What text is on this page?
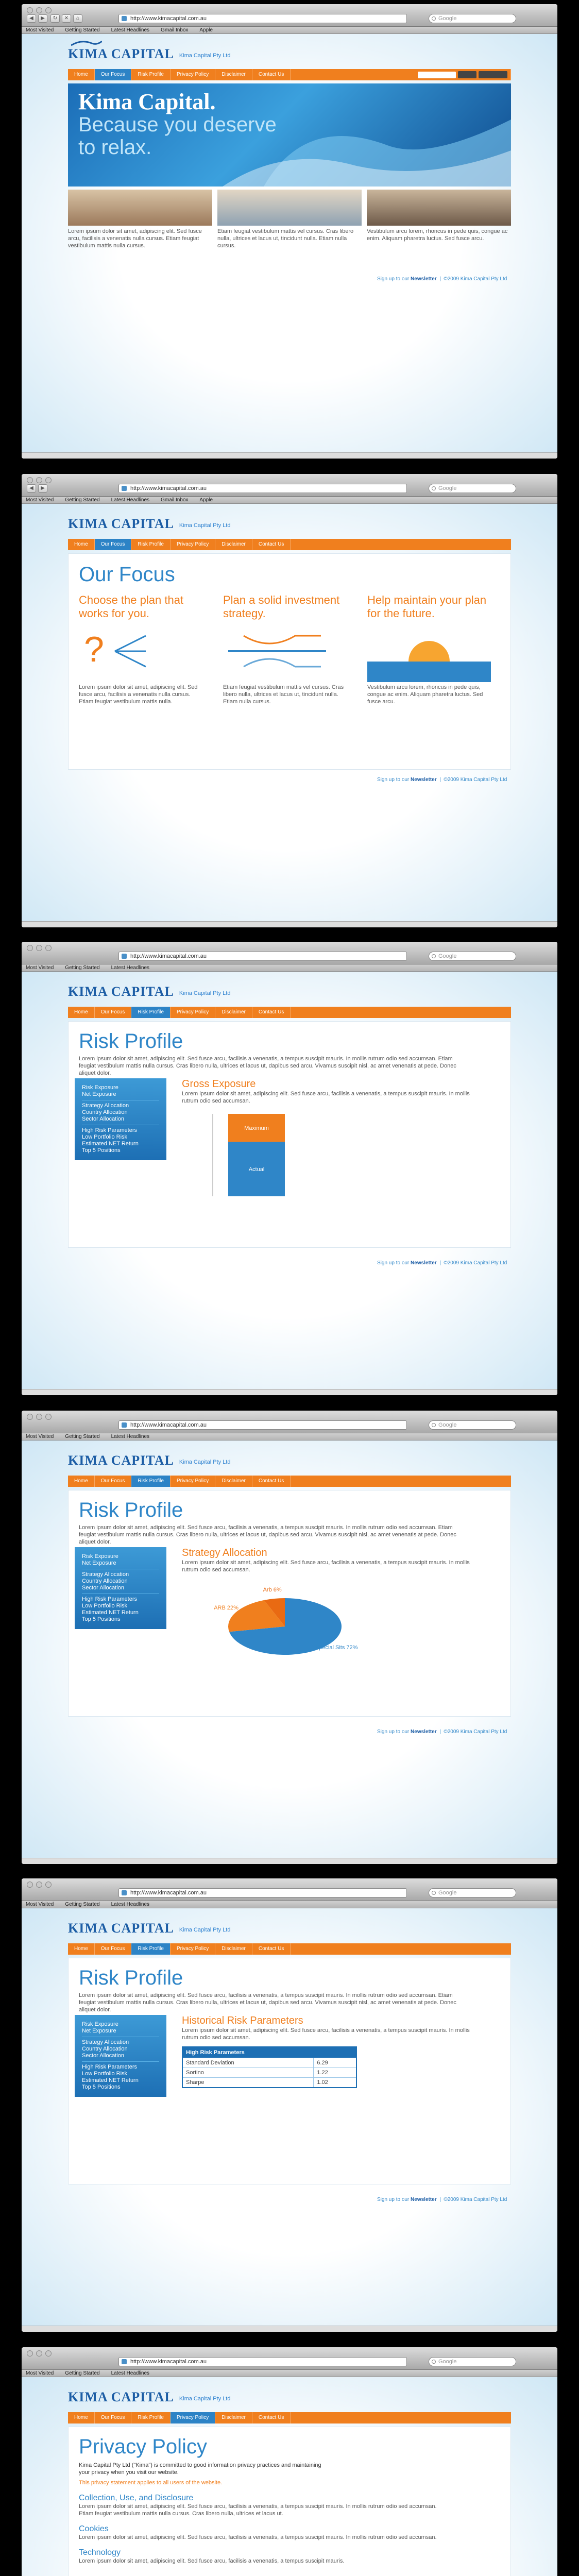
◀	▶	↻	✕	⌂	http://www.kimacapital.com.au	Google
Most Visited Getting Started Latest Headlines Gmail Inbox Apple
KIMA CAPITAL Kima Capital Pty Ltd
Home	Our Focus	Risk Profile	Privacy Policy	Disclaimer	Contact Us
Kima Capital.
Because you deserve
to relax.
Lorem ipsum dolor sit amet, adipiscing elit. Sed fusce arcu, facilisis a venenatis nulla cursus. Etiam feugiat vestibulum mattis nulla cursus.
Etiam feugiat vestibulum mattis vel cursus. Cras libero nulla, ultrices et lacus ut, tincidunt nulla. Etiam nulla cursus.
Vestibulum arcu lorem, rhoncus in pede quis, congue ac enim. Aliquam pharetra luctus. Sed fusce arcu.
Sign up to our Newsletter  |  ©2009 Kima Capital Pty Ltd
◀	▶	http://www.kimacapital.com.au	Google
Most Visited Getting Started Latest Headlines Gmail Inbox Apple
KIMA CAPITAL Kima Capital Pty Ltd
Home	Our Focus	Risk Profile	Privacy Policy	Disclaimer	Contact Us
Our Focus
Choose the plan that works for you.
?
Lorem ipsum dolor sit amet, adipiscing elit. Sed fusce arcu, facilisis a venenatis nulla cursus. Etiam feugiat vestibulum mattis nulla.
Plan a solid investment strategy.
Etiam feugiat vestibulum mattis vel cursus. Cras libero nulla, ultrices et lacus ut, tincidunt nulla. Etiam nulla cursus.
Help maintain your plan for the future.
Vestibulum arcu lorem, rhoncus in pede quis, congue ac enim. Aliquam pharetra luctus. Sed fusce arcu.
Sign up to our Newsletter  |  ©2009 Kima Capital Pty Ltd
http://www.kimacapital.com.au	Google
Most Visited Getting Started Latest Headlines
KIMA CAPITAL Kima Capital Pty Ltd
Home	Our Focus	Risk Profile	Privacy Policy	Disclaimer	Contact Us
Risk Profile
Lorem ipsum dolor sit amet, adipiscing elit. Sed fusce arcu, facilisis a venenatis, a tempus suscipit mauris. In mollis rutrum odio sed accumsan. Etiam feugiat vestibulum mattis nulla cursus. Cras libero nulla, ultrices et lacus ut, dapibus sed arcu. Vivamus suscipit nisl, ac amet venenatis at pede. Donec aliquet dolor.
Risk Exposure
Net Exposure
Strategy Allocation
Country Allocation
Sector Allocation
High Risk Parameters
Low Portfolio Risk
Estimated NET Return
Top 5 Positions
Gross Exposure
Lorem ipsum dolor sit amet, adipiscing elit. Sed fusce arcu, facilisis a venenatis, a tempus suscipit mauris. In mollis rutrum odio sed accumsan.
Maximum
Actual
Sign up to our Newsletter  |  ©2009 Kima Capital Pty Ltd
http://www.kimacapital.com.au	Google
Most Visited Getting Started Latest Headlines
KIMA CAPITAL Kima Capital Pty Ltd
Home	Our Focus	Risk Profile	Privacy Policy	Disclaimer	Contact Us
Risk Profile
Lorem ipsum dolor sit amet, adipiscing elit. Sed fusce arcu, facilisis a venenatis, a tempus suscipit mauris. In mollis rutrum odio sed accumsan. Etiam feugiat vestibulum mattis nulla cursus. Cras libero nulla, ultrices et lacus ut, dapibus sed arcu. Vivamus suscipit nisl, ac amet venenatis at pede. Donec aliquet dolor.
Risk Exposure
Net Exposure
Strategy Allocation
Country Allocation
Sector Allocation
High Risk Parameters
Low Portfolio Risk
Estimated NET Return
Top 5 Positions
Strategy Allocation
Lorem ipsum dolor sit amet, adipiscing elit. Sed fusce arcu, facilisis a venenatis, a tempus suscipit mauris. In mollis rutrum odio sed accumsan.
Special Sits 72%
ARB 22%
Arb 6%
Sign up to our Newsletter  |  ©2009 Kima Capital Pty Ltd
http://www.kimacapital.com.au	Google
Most Visited Getting Started Latest Headlines
KIMA CAPITAL Kima Capital Pty Ltd
Home	Our Focus	Risk Profile	Privacy Policy	Disclaimer	Contact Us
Risk Profile
Lorem ipsum dolor sit amet, adipiscing elit. Sed fusce arcu, facilisis a venenatis, a tempus suscipit mauris. In mollis rutrum odio sed accumsan. Etiam feugiat vestibulum mattis nulla cursus. Cras libero nulla, ultrices et lacus ut, dapibus sed arcu. Vivamus suscipit nisl, ac amet venenatis at pede. Donec aliquet dolor.
Risk Exposure
Net Exposure
Strategy Allocation
Country Allocation
Sector Allocation
High Risk Parameters
Low Portfolio Risk
Estimated NET Return
Top 5 Positions
Historical Risk Parameters
Lorem ipsum dolor sit amet, adipiscing elit. Sed fusce arcu, facilisis a venenatis, a tempus suscipit mauris. In mollis rutrum odio sed accumsan.
High Risk Parameters	
Standard Deviation	6.29
Sortino	1.22
Sharpe	1.02
Sign up to our Newsletter  |  ©2009 Kima Capital Pty Ltd
http://www.kimacapital.com.au	Google
Most Visited Getting Started Latest Headlines
KIMA CAPITAL Kima Capital Pty Ltd
Home	Our Focus	Risk Profile	Privacy Policy	Disclaimer	Contact Us
Privacy Policy
Kima Capital Pty Ltd ("Kima") is committed to good information privacy practices and maintaining your privacy when you visit our website.
This privacy statement applies to all users of the website.
Collection, Use, and Disclosure
Lorem ipsum dolor sit amet, adipiscing elit. Sed fusce arcu, facilisis a venenatis, a tempus suscipit mauris. In mollis rutrum odio sed accumsan. Etiam feugiat vestibulum mattis nulla cursus. Cras libero nulla, ultrices et lacus ut.
Cookies
Lorem ipsum dolor sit amet, adipiscing elit. Sed fusce arcu, facilisis a venenatis, a tempus suscipit mauris. In mollis rutrum odio sed accumsan.
Technology
Lorem ipsum dolor sit amet, adipiscing elit. Sed fusce arcu, facilisis a venenatis, a tempus suscipit mauris.
